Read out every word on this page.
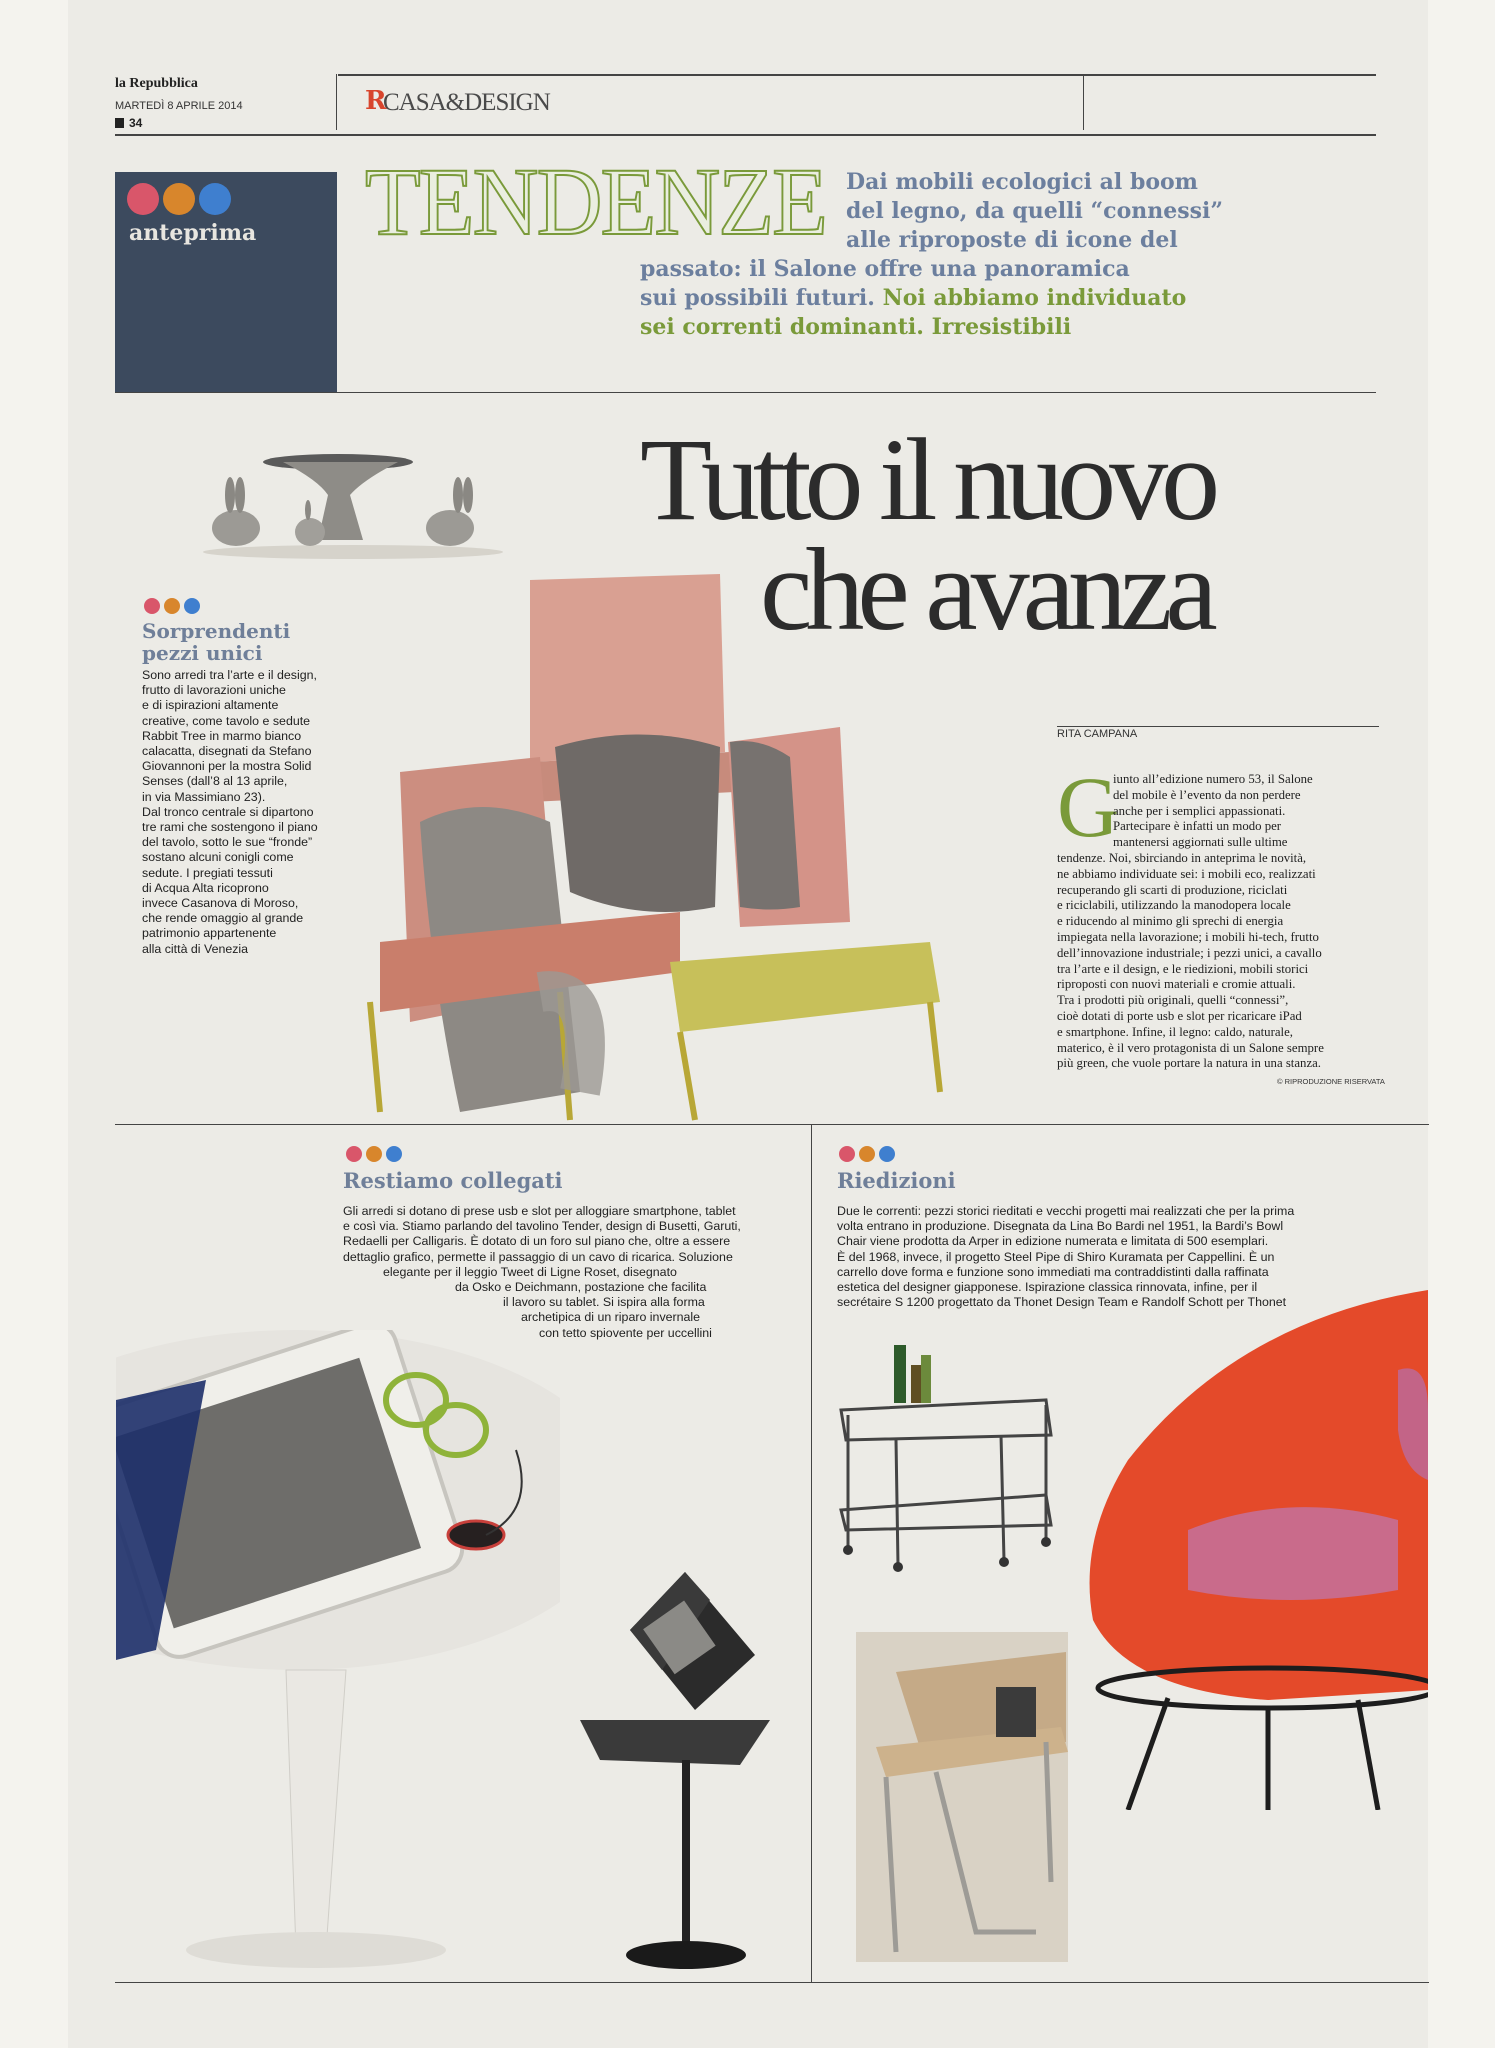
la Repubblica
MARTEDÌ 8 APRILE 2014
34
R
CASA&DESIGN
anteprima TENDENZE Dai mobili ecologici al boom
del legno, da quelli “connessi”
alle riproposte di icone del
passato: il Salone offre una panoramica
sui possibili futuri. Noi abbiamo individuato
sei correnti dominanti. Irresistibili
Tutto il nuovo
che avanza
Sorprendenti
pezzi unici
Sono arredi tra l’arte e il design,
frutto di lavorazioni uniche
e di ispirazioni altamente
creative, come tavolo e sedute
Rabbit Tree in marmo bianco
calacatta, disegnati da Stefano
Giovannoni per la mostra Solid
Senses (dall’8 al 13 aprile,
in via Massimiano 23).
Dal tronco centrale si dipartono
tre rami che sostengono il piano
del tavolo, sotto le sue “fronde”
sostano alcuni conigli come
sedute. I pregiati tessuti
di Acqua Alta ricoprono
invece Casanova di Moroso,
che rende omaggio al grande
patrimonio appartenente
alla città di Venezia
RITA CAMPANA
G
iunto all’edizione numero 53, il Salone
del mobile è l’evento da non perdere
anche per i semplici appassionati.
Partecipare è infatti un modo per
mantenersi aggiornati sulle ultime
tendenze. Noi, sbirciando in anteprima le novità,
ne abbiamo individuate sei: i mobili eco, realizzati
recuperando gli scarti di produzione, riciclati
e riciclabili, utilizzando la manodopera locale
e riducendo al minimo gli sprechi di energia
impiegata nella lavorazione; i mobili hi-tech, frutto
dell’innovazione industriale; i pezzi unici, a cavallo
tra l’arte e il design, e le riedizioni, mobili storici
riproposti con nuovi materiali e cromie attuali.
Tra i prodotti più originali, quelli “connessi”,
cioè dotati di porte usb e slot per ricaricare iPad
e smartphone. Infine, il legno: caldo, naturale,
materico, è il vero protagonista di un Salone sempre
più green, che vuole portare la natura in una stanza.
© RIPRODUZIONE RISERVATA
Restiamo collegati
Gli arredi si dotano di prese usb e slot per alloggiare smartphone, tablet
e così via. Stiamo parlando del tavolino Tender, design di Busetti, Garuti,
Redaelli per Calligaris. È dotato di un foro sul piano che, oltre a essere
dettaglio grafico, permette il passaggio di un cavo di ricarica. Soluzione
elegante per il leggio Tweet di Ligne Roset, disegnato
da Osko e Deichmann, postazione che facilita
il lavoro su tablet. Si ispira alla forma
archetipica di un riparo invernale
con tetto spiovente per uccellini
Riedizioni
Due le correnti: pezzi storici rieditati e vecchi progetti mai realizzati che per la prima
volta entrano in produzione. Disegnata da Lina Bo Bardi nel 1951, la Bardi’s Bowl
Chair viene prodotta da Arper in edizione numerata e limitata di 500 esemplari.
È del 1968, invece, il progetto Steel Pipe di Shiro Kuramata per Cappellini. È un
carrello dove forma e funzione sono immediati ma contraddistinti dalla raffinata
estetica del designer giapponese. Ispirazione classica rinnovata, infine, per il
secrétaire S 1200 progettato da Thonet Design Team e Randolf Schott per Thonet
